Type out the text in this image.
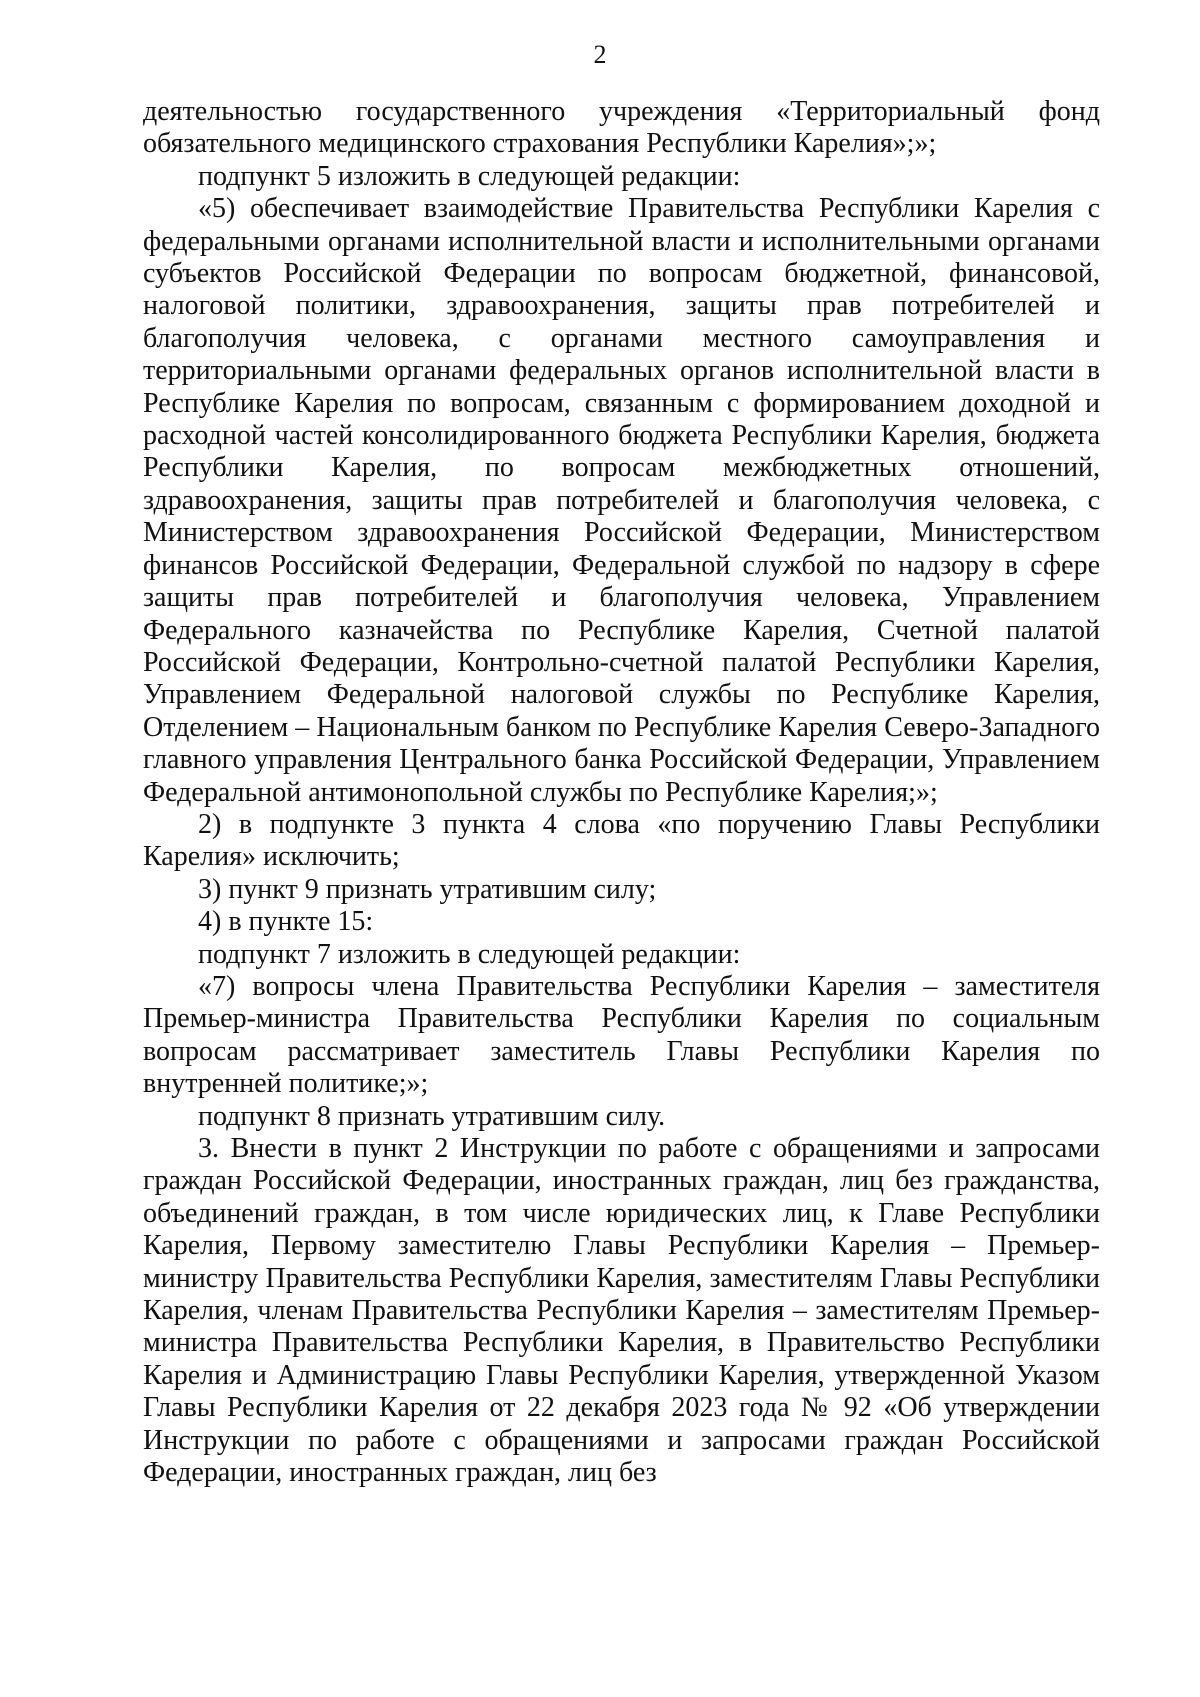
2

деятельностью государственного учреждения «Территориальный фонд обязательного медицинского страхования Республики Карелия»;»;

подпункт 5 изложить в следующей редакции:

«5) обеспечивает взаимодействие Правительства Республики Карелия с федеральными органами исполнительной власти и исполнительными органами субъектов Российской Федерации по вопросам бюджетной, финансовой, налоговой политики, здравоохранения, защиты прав потребителей и благополучия человека, с органами местного самоуправления и территориальными органами федеральных органов исполнительной власти в Республике Карелия по вопросам, связанным с формированием доходной и расходной частей консолидированного бюджета Республики Карелия, бюджета Республики Карелия, по вопросам межбюджетных отношений, здравоохранения, защиты прав потребителей и благополучия человека, с Министерством здравоохранения Российской Федерации, Министерством финансов Российской Федерации, Федеральной службой по надзору в сфере защиты прав потребителей и благополучия человека, Управлением Федерального казначейства по Республике Карелия, Счетной палатой Российской Федерации, Контрольно-счетной палатой Республики Карелия, Управлением Федеральной налоговой службы по Республике Карелия, Отделением – Национальным банком по Республике Карелия Северо-Западного главного управления Центрального банка Российской Федерации, Управлением Федеральной антимонопольной службы по Республике Карелия;»;

2) в подпункте 3 пункта 4 слова «по поручению Главы Республики Карелия» исключить;

3) пункт 9 признать утратившим силу;

4) в пункте 15:

подпункт 7 изложить в следующей редакции:

«7) вопросы члена Правительства Республики Карелия – заместителя Премьер-министра Правительства Республики Карелия по социальным вопросам рассматривает заместитель Главы Республики Карелия по внутренней политике;»;

подпункт 8 признать утратившим силу.

3. Внести в пункт 2 Инструкции по работе с обращениями и запросами граждан Российской Федерации, иностранных граждан, лиц без гражданства, объединений граждан, в том числе юридических лиц, к Главе Республики Карелия, Первому заместителю Главы Республики Карелия – Премьер-министру Правительства Республики Карелия, заместителям Главы Республики Карелия, членам Правительства Республики Карелия – заместителям Премьер-министра Правительства Республики Карелия, в Правительство Республики Карелия и Администрацию Главы Республики Карелия, утвержденной Указом Главы Республики Карелия от 22 декабря 2023 года № 92 «Об утверждении Инструкции по работе с обращениями и запросами граждан Российской Федерации, иностранных граждан, лиц без
